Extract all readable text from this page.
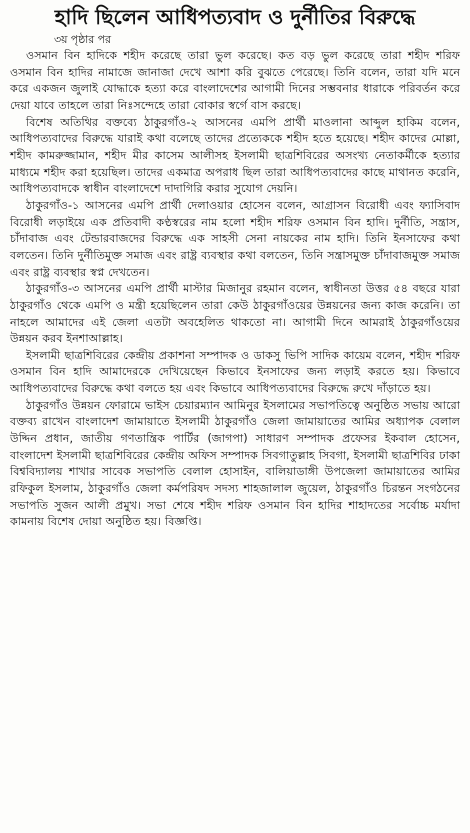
হাদি ছিলেন আধিপত্যবাদ ও দুর্নীতির বিরুদ্ধে
৩য় পৃষ্ঠার পর

ওসমান বিন হাদিকে শহীদ করেছে তারা ভুল করেছে। কত বড় ভুল করেছে তারা শহীদ শরিফ ওসমান বিন হাদির নামাজে জানাজা দেখে আশা করি বুঝতে পেরেছে। তিনি বলেন, তারা যদি মনে করে একজন জুলাই যোদ্ধাকে হত্যা করে বাংলাদেশের আগামী দিনের সম্ভবনার ধারাকে পরিবর্তন করে দেয়া যাবে তাহলে তারা নিঃসন্দেহে তারা বোকার স্বর্গে বাস করছে।

বিশেষ অতিথির বক্তব্যে ঠাকুরগাঁও-২ আসনের এমপি প্রার্থী মাওলানা আব্দুল হাকিম বলেন, আধিপত্যবাদের বিরুদ্ধে যারাই কথা বলেছে তাদের প্রত্যেককে শহীদ হতে হয়েছে। শহীদ কাদের মোল্লা, শহীদ কামরুজ্জামান, শহীদ মীর কাসেম আলীসহ ইসলামী ছাত্রশিবিরের অসংখ্য নেতাকর্মীকে হত্যার মাধ্যমে শহীদ করা হয়েছিল। তাদের একমাত্র অপরাধ ছিল তারা আধিপত্যবাদের কাছে মাথানত করেনি, আধিপত্যবাদকে স্বাধীন বাংলাদেশে দাদাগিরি করার সুযোগ দেয়নি।

ঠাকুরগাঁও-১ আসনের এমপি প্রার্থী দেলাওয়ার হোসেন বলেন, আগ্রাসন বিরোধী এবং ফ্যাসিবাদ বিরোধী লড়াইয়ে এক প্রতিবাদী কণ্ঠস্বরের নাম হলো শহীদ শরিফ ওসমান বিন হাদি। দুর্নীতি, সন্ত্রাস, চাঁদাবাজ এবং টেন্ডারবাজদের বিরুদ্ধে এক সাহসী সেনা নায়কের নাম হাদি। তিনি ইনসাফের কথা বলতেন। তিনি দুর্নীতিমুক্ত সমাজ এবং রাষ্ট্র ব্যবস্থার কথা বলতেন, তিনি সন্ত্রাসমুক্ত চাঁদাবাজমুক্ত সমাজ এবং রাষ্ট্র ব্যবস্থার স্বপ্ন দেখতেন।

ঠাকুরগাঁও-৩ আসনের এমপি প্রার্থী মাস্টার মিজানুর রহমান বলেন, স্বাধীনতা উত্তর ৫৪ বছরে যারা ঠাকুরগাঁও থেকে এমপি ও মন্ত্রী হয়েছিলেন তারা কেউ ঠাকুরগাঁওয়ের উন্নয়নের জন্য কাজ করেনি। তা নাহলে আমাদের এই জেলা এতটা অবহেলিত থাকতো না। আগামী দিনে আমরাই ঠাকুরগাঁওয়ের উন্নয়ন করব ইনশাআল্লাহ।

ইসলামী ছাত্রশিবিরের কেন্দ্রীয় প্রকাশনা সম্পাদক ও ডাকসু ভিপি সাদিক কায়েম বলেন, শহীদ শরিফ ওসমান বিন হাদি আমাদেরকে দেখিয়েছেন কিভাবে ইনসাফের জন্য লড়াই করতে হয়। কিভাবে আধিপত্যবাদের বিরুদ্ধে কথা বলতে হয় এবং কিভাবে আধিপত্যবাদের বিরুদ্ধে রুখে দাঁড়াতে হয়।

ঠাকুরগাঁও উন্নয়ন ফোরামে ভাইস চেয়ারম্যান আমিনুর ইসলামের সভাপতিত্বে অনুষ্ঠিত সভায় আরো বক্তব্য রাখেন বাংলাদেশ জামায়াতে ইসলামী ঠাকুরগাঁও জেলা জামায়াতের আমির অধ্যাপক বেলাল উদ্দিন প্রধান, জাতীয় গণতান্ত্রিক পার্টির (জাগপা) সাধারণ সম্পাদক প্রফেসর ইকবাল হোসেন, বাংলাদেশ ইসলামী ছাত্রশিবিরের কেন্দ্রীয় অফিস সম্পাদক সিবগাতুল্লাহ সিবগা, ইসলামী ছাত্রশিবির ঢাকা বিশ্ববিদ্যালয় শাখার সাবেক সভাপতি বেলাল হোসাইন, বালিয়াডাঙ্গী উপজেলা জামায়াতের আমির রফিকুল ইসলাম, ঠাকুরগাঁও জেলা কর্মপরিষদ সদস্য শাহজালাল জুয়েল, ঠাকুরগাঁও চিরন্তন সংগঠনের সভাপতি সুজন আলী প্রমুখ। সভা শেষে শহীদ শরিফ ওসমান বিন হাদির শাহাদতের সর্বোচ্চ মর্যাদা কামনায় বিশেষ দোয়া অনুষ্ঠিত হয়। বিজ্ঞপ্তি।
